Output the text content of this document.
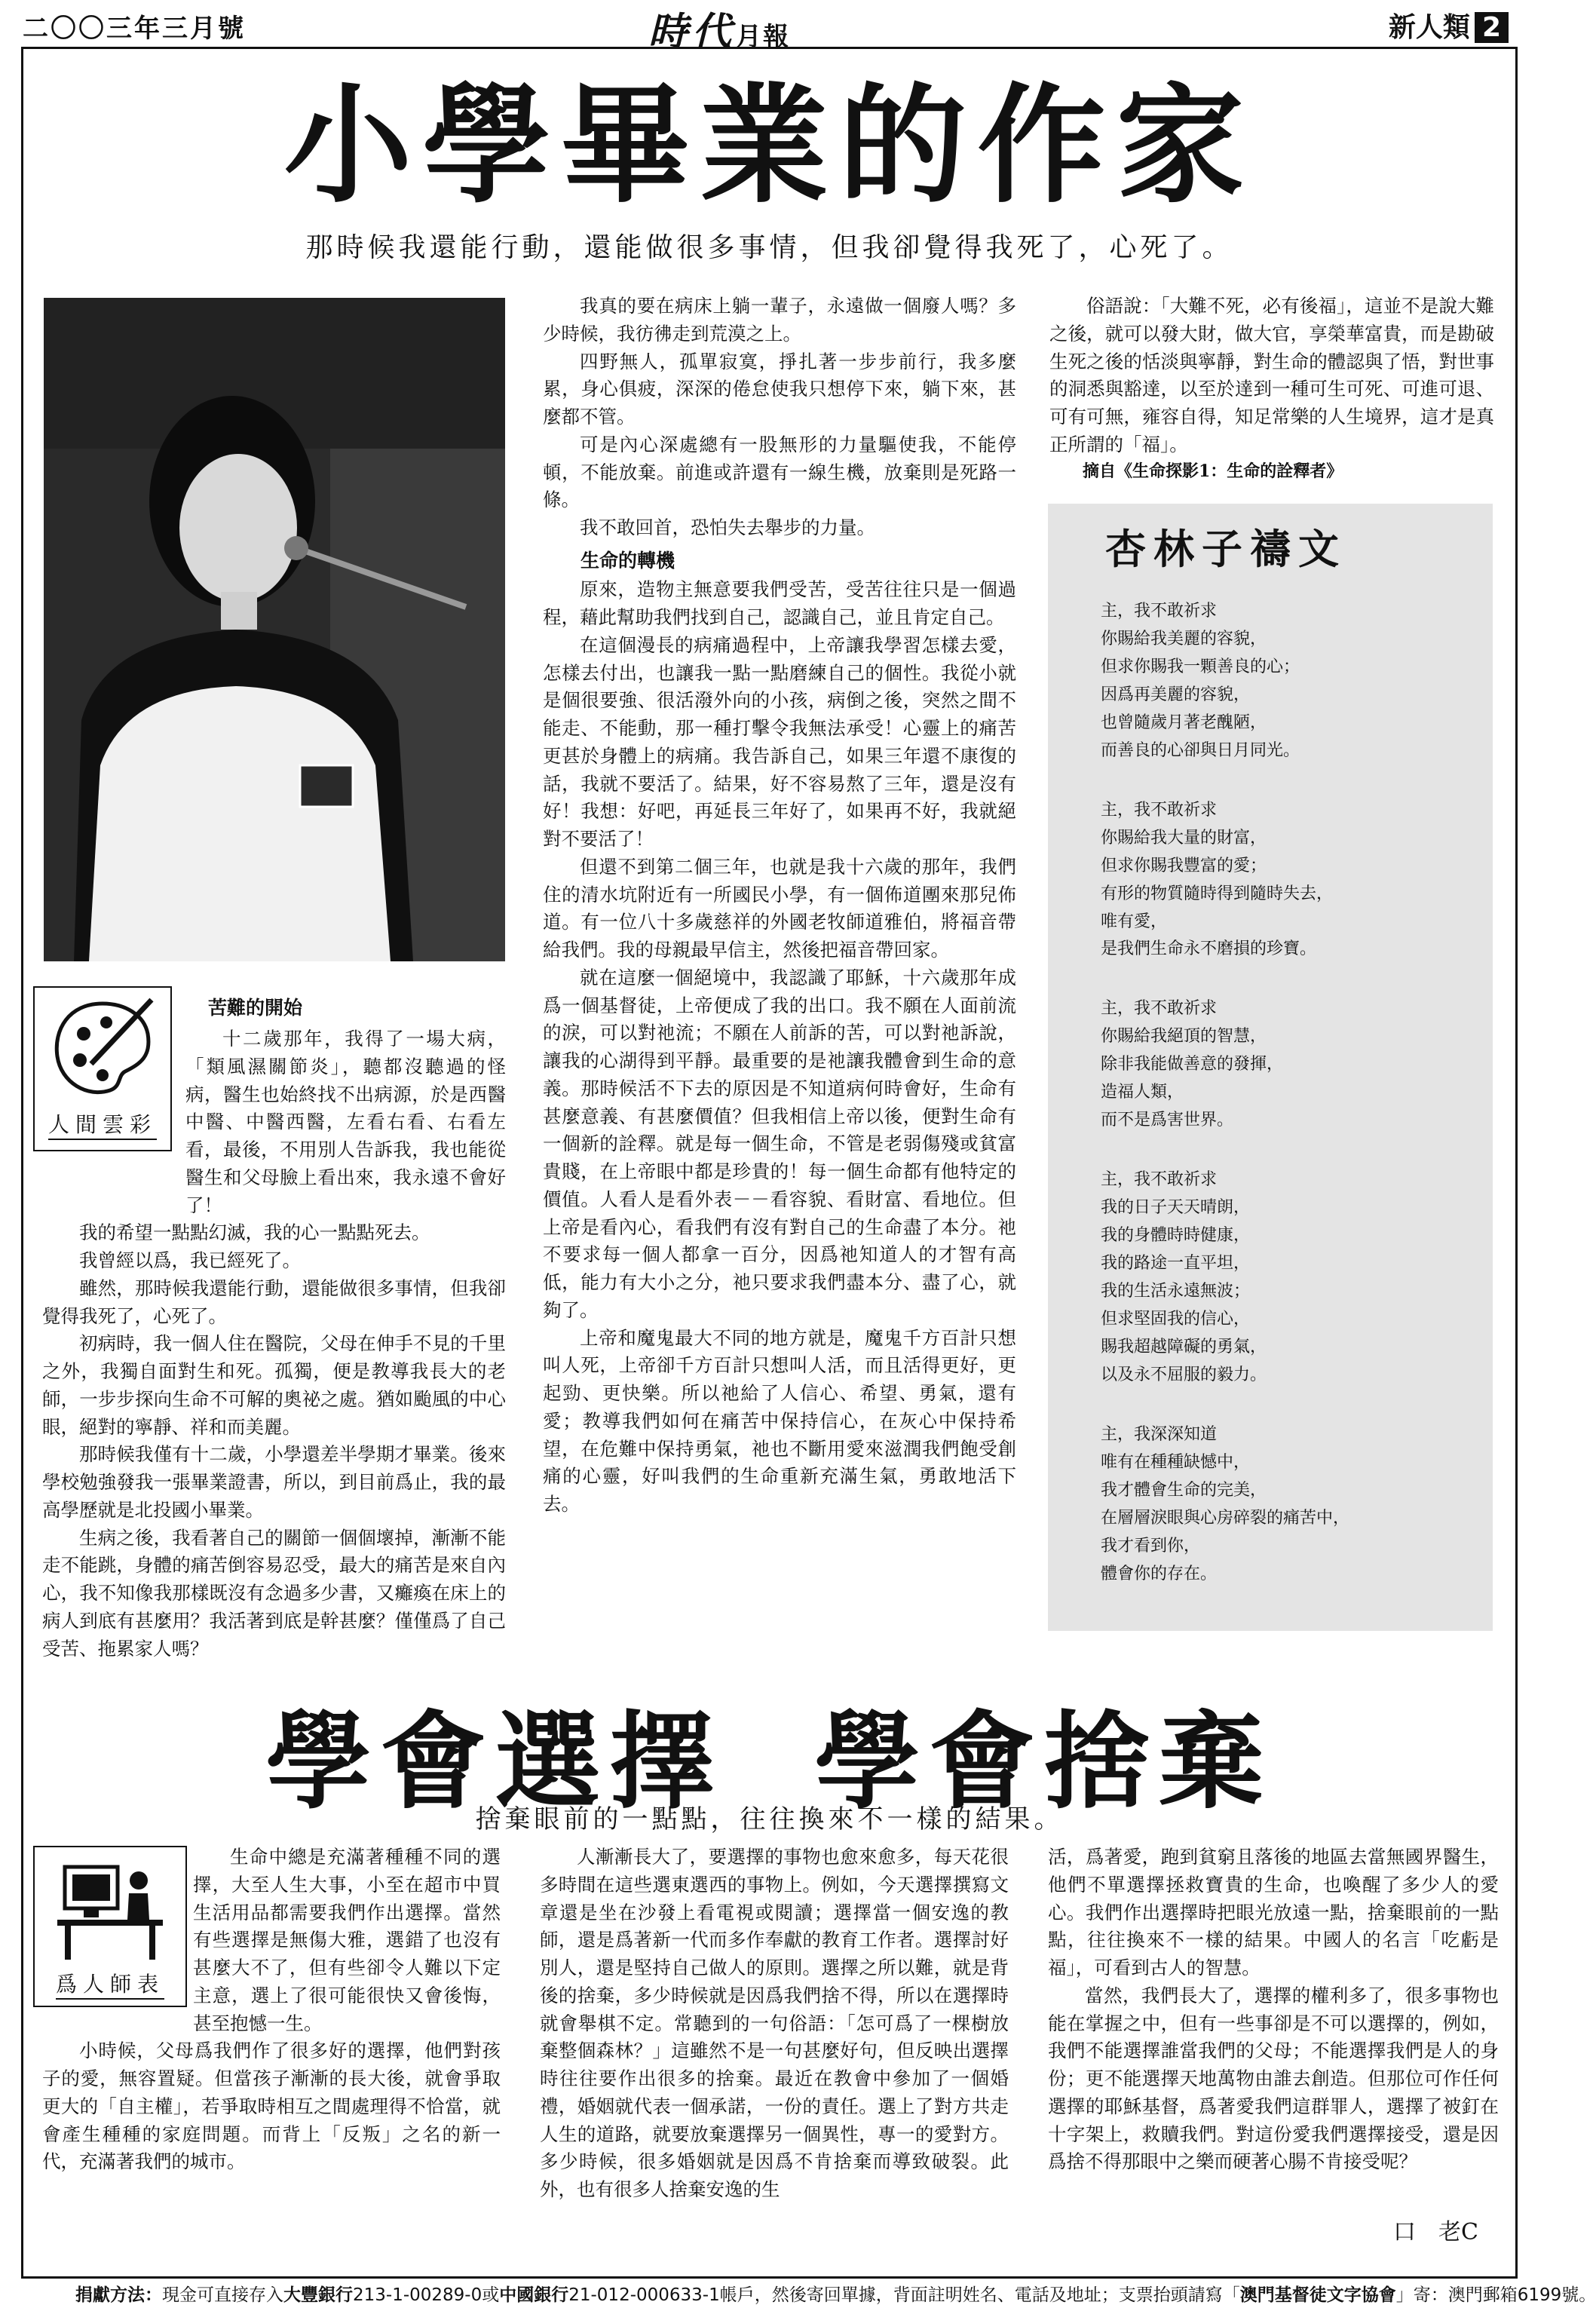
二〇〇三年三月號	時代月報	新人類 2
小學畢業的作家
那時候我還能行動，還能做很多事情，但我卻覺得我死了，心死了。
人間雲彩
苦難的開始

十二歲那年，我得了一場大病，「類風濕關節炎」，聽都沒聽過的怪病，醫生也始終找不出病源，於是西醫中醫、中醫西醫，左看右看、右看左看，最後，不用別人告訴我，我也能從醫生和父母臉上看出來，我永遠不會好了！

我的希望一點點幻滅，我的心一點點死去。

我曾經以爲，我已經死了。

雖然，那時候我還能行動，還能做很多事情，但我卻覺得我死了，心死了。

初病時，我一個人住在醫院，父母在伸手不見的千里之外，我獨自面對生和死。孤獨，便是教導我長大的老師，一步步探向生命不可解的奧祕之處。猶如颱風的中心眼，絕對的寧靜、祥和而美麗。

那時候我僅有十二歲，小學還差半學期才畢業。後來學校勉強發我一張畢業證書，所以，到目前爲止，我的最高學歷就是北投國小畢業。

生病之後，我看著自己的關節一個個壞掉，漸漸不能走不能跳，身體的痛苦倒容易忍受，最大的痛苦是來自內心，我不知像我那樣既沒有念過多少書，又癱瘓在床上的病人到底有甚麼用？我活著到底是幹甚麼？僅僅爲了自己受苦、拖累家人嗎？

我真的要在病床上躺一輩子，永遠做一個廢人嗎？多少時候，我彷彿走到荒漠之上。

四野無人，孤單寂寞，掙扎著一步步前行，我多麼累，身心俱疲，深深的倦怠使我只想停下來，躺下來，甚麼都不管。

可是內心深處總有一股無形的力量驅使我，不能停頓，不能放棄。前進或許還有一線生機，放棄則是死路一條。

我不敢回首，恐怕失去舉步的力量。

生命的轉機

原來，造物主無意要我們受苦，受苦往往只是一個過程，藉此幫助我們找到自己，認識自己，並且肯定自己。

在這個漫長的病痛過程中，上帝讓我學習怎樣去愛，怎樣去付出，也讓我一點一點磨練自己的個性。我從小就是個很要強、很活潑外向的小孩，病倒之後，突然之間不能走、不能動，那一種打擊令我無法承受！心靈上的痛苦更甚於身體上的病痛。我告訴自己，如果三年還不康復的話，我就不要活了。結果，好不容易熬了三年，還是沒有好！我想：好吧，再延長三年好了，如果再不好，我就絕對不要活了！

但還不到第二個三年，也就是我十六歲的那年，我們住的清水坑附近有一所國民小學，有一個佈道團來那兒佈道。有一位八十多歲慈祥的外國老牧師道雅伯，將福音帶給我們。我的母親最早信主，然後把福音帶回家。

就在這麼一個絕境中，我認識了耶穌，十六歲那年成爲一個基督徒，上帝便成了我的出口。我不願在人面前流的淚，可以對祂流；不願在人前訴的苦，可以對祂訴說，讓我的心湖得到平靜。最重要的是祂讓我體會到生命的意義。那時候活不下去的原因是不知道病何時會好，生命有甚麼意義、有甚麼價值？但我相信上帝以後，便對生命有一個新的詮釋。就是每一個生命，不管是老弱傷殘或貧富貴賤，在上帝眼中都是珍貴的！每一個生命都有他特定的價值。人看人是看外表－－看容貌、看財富、看地位。但上帝是看內心，看我們有沒有對自己的生命盡了本分。祂不要求每一個人都拿一百分，因爲祂知道人的才智有高低，能力有大小之分，祂只要求我們盡本分、盡了心，就夠了。

上帝和魔鬼最大不同的地方就是，魔鬼千方百計只想叫人死，上帝卻千方百計只想叫人活，而且活得更好，更起勁、更快樂。所以祂給了人信心、希望、勇氣，還有愛；教導我們如何在痛苦中保持信心，在灰心中保持希望，在危難中保持勇氣，祂也不斷用愛來滋潤我們飽受創痛的心靈，好叫我們的生命重新充滿生氣，勇敢地活下去。

俗語說：「大難不死，必有後福」，這並不是說大難之後，就可以發大財，做大官，享榮華富貴，而是勘破生死之後的恬淡與寧靜，對生命的體認與了悟，對世事的洞悉與豁達，以至於達到一種可生可死、可進可退、可有可無，雍容自得，知足常樂的人生境界，這才是真正所謂的「福」。

摘自《生命探影1：生命的詮釋者》

杏林子禱文
主，我不敢祈求
你賜給我美麗的容貌，
但求你賜我一顆善良的心；
因爲再美麗的容貌，
也曾隨歲月著老醜陋，
而善良的心卻與日月同光。
主，我不敢祈求
你賜給我大量的財富，
但求你賜我豐富的愛；
有形的物質隨時得到隨時失去，
唯有愛，
是我們生命永不磨損的珍寶。
主，我不敢祈求
你賜給我絕頂的智慧，
除非我能做善意的發揮，
造福人類，
而不是爲害世界。
主，我不敢祈求
我的日子天天晴朗，
我的身體時時健康，
我的路途一直平坦，
我的生活永遠無波；
但求堅固我的信心，
賜我超越障礙的勇氣，
以及永不屈服的毅力。
主，我深深知道
唯有在種種缺憾中，
我才體會生命的完美，
在層層淚眼與心房碎裂的痛苦中，
我才看到你，
體會你的存在。
學會選擇 學會捨棄
捨棄眼前的一點點，往往換來不一樣的結果。
爲人師表

生命中總是充滿著種種不同的選擇，大至人生大事，小至在超市中買生活用品都需要我們作出選擇。當然有些選擇是無傷大雅，選錯了也沒有甚麼大不了，但有些卻令人難以下定主意，選上了很可能很快又會後悔，甚至抱憾一生。

小時候，父母爲我們作了很多好的選擇，他們對孩子的愛，無容置疑。但當孩子漸漸的長大後，就會爭取更大的「自主權」，若爭取時相互之間處理得不恰當，就會產生種種的家庭問題。而背上「反叛」之名的新一代，充滿著我們的城市。

人漸漸長大了，要選擇的事物也愈來愈多，每天花很多時間在這些選東選西的事物上。例如，今天選擇撰寫文章還是坐在沙發上看電視或閱讀；選擇當一個安逸的教師，還是爲著新一代而多作奉獻的教育工作者。選擇討好別人，還是堅持自己做人的原則。選擇之所以難，就是背後的捨棄，多少時候就是因爲我們捨不得，所以在選擇時就會舉棋不定。常聽到的一句俗語：「怎可爲了一棵樹放棄整個森林？」這雖然不是一句甚麼好句，但反映出選擇時往往要作出很多的捨棄。最近在教會中參加了一個婚禮，婚姻就代表一個承諾，一份的責任。選上了對方共走人生的道路，就要放棄選擇另一個異性，專一的愛對方。多少時候，很多婚姻就是因爲不肯捨棄而導致破裂。此外，也有很多人捨棄安逸的生

活，爲著愛，跑到貧窮且落後的地區去當無國界醫生，他們不單選擇拯救寶貴的生命，也喚醒了多少人的愛心。我們作出選擇時把眼光放遠一點，捨棄眼前的一點點，往往換來不一樣的結果。中國人的名言「吃虧是福」，可看到古人的智慧。

當然，我們長大了，選擇的權利多了，很多事物也能在掌握之中，但有一些事卻是不可以選擇的，例如，我們不能選擇誰當我們的父母；不能選擇我們是人的身份；更不能選擇天地萬物由誰去創造。但那位可作任何選擇的耶穌基督，爲著愛我們這群罪人，選擇了被釘在十字架上，救贖我們。對這份愛我們選擇接受，還是因爲捨不得那眼中之樂而硬著心腸不肯接受呢？

口　老C
捐獻方法：現金可直接存入大豐銀行213-1-00289-0或中國銀行21-012-000633-1帳戶，然後寄回單據，背面註明姓名、電話及地址；支票抬頭請寫「澳門基督徒文字協會」寄：澳門郵箱6199號。
